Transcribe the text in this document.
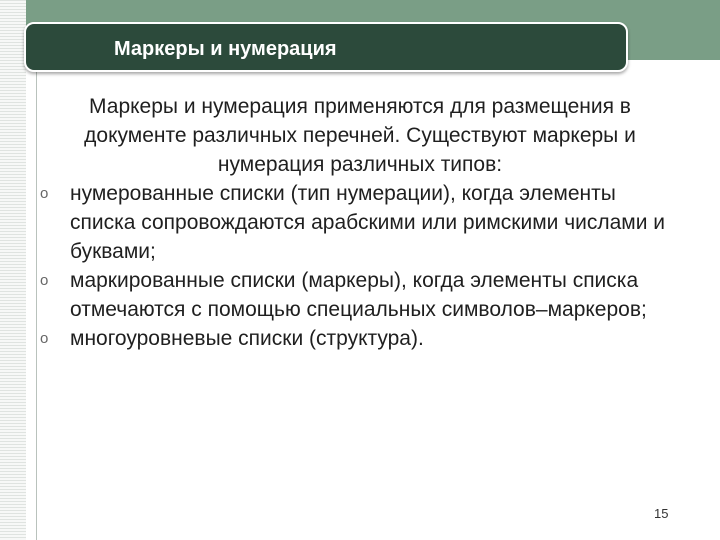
Маркеры и нумерация
Маркеры и нумерация применяются для размещения в документе различных перечней. Существуют маркеры и нумерация различных типов:
o	нумерованные списки (тип нумерации), когда элементы списка сопровождаются арабскими или римскими числами и буквами;
o	маркированные списки (маркеры), когда элементы списка отмечаются с помощью специальных символов–маркеров;
o	многоуровневые списки (структура).
15
